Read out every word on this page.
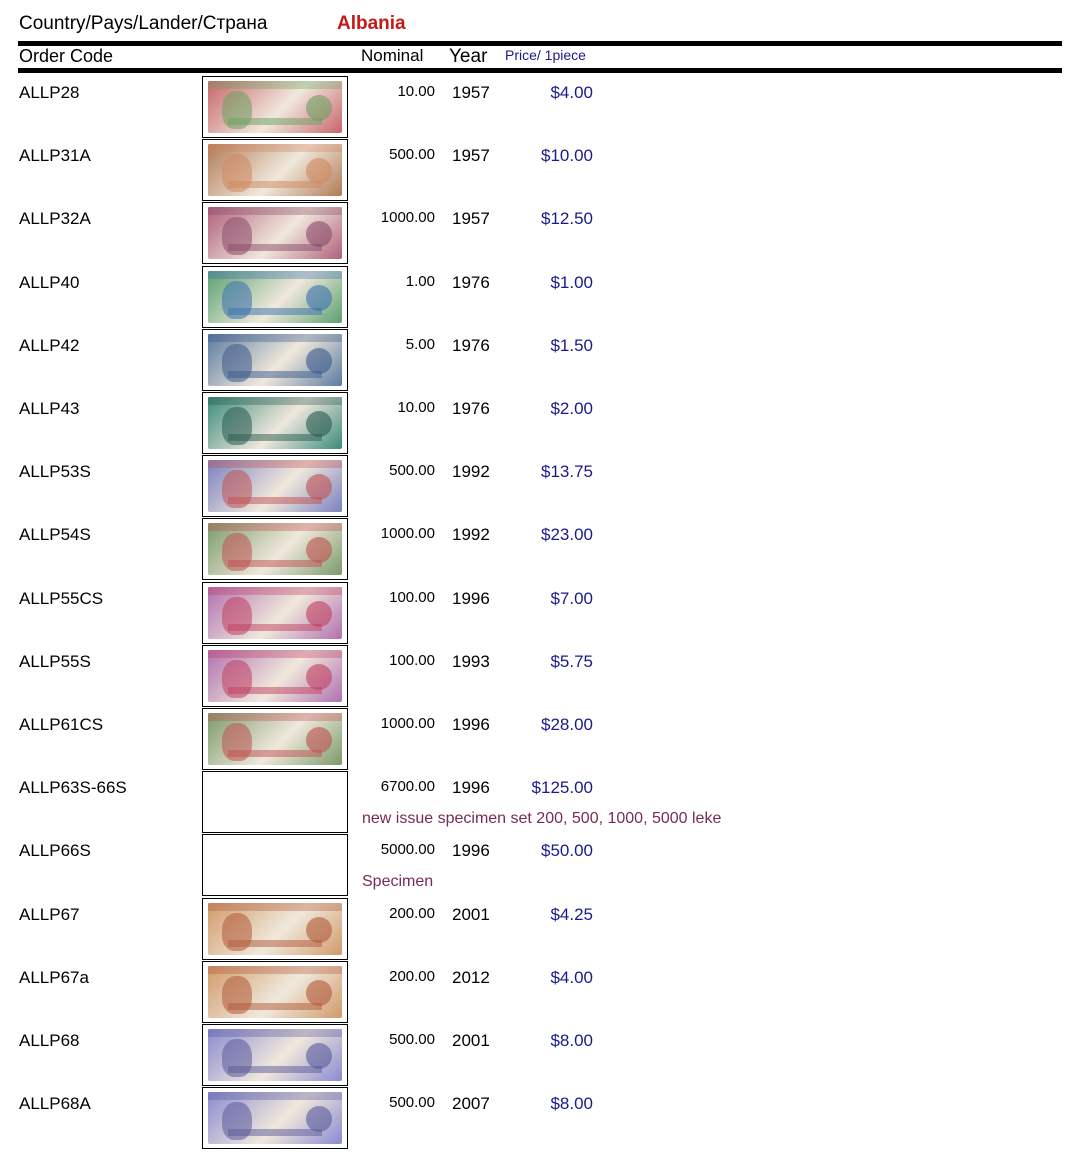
Country/Pays/Lander/Страна	Albania
Order Code	Nominal Year Price/ 1piece
ALLP28	10.00 1957	$4.00
ALLP31A	500.00 1957	$10.00
ALLP32A	1000.00 1957	$12.50
ALLP40	1.00 1976	$1.00
ALLP42	5.00 1976	$1.50
ALLP43	10.00 1976	$2.00
ALLP53S	500.00 1992	$13.75
ALLP54S	1000.00 1992	$23.00
ALLP55CS	100.00 1996	$7.00
ALLP55S	100.00 1993	$5.75
ALLP61CS	1000.00 1996	$28.00
ALLP63S-66S	6700.00 1996	$125.00
new issue specimen set 200, 500, 1000, 5000 leke
ALLP66S	5000.00 1996	$50.00
Specimen
ALLP67	200.00 2001	$4.25
ALLP67a	200.00 2012	$4.00
ALLP68	500.00 2001	$8.00
ALLP68A	500.00 2007	$8.00
